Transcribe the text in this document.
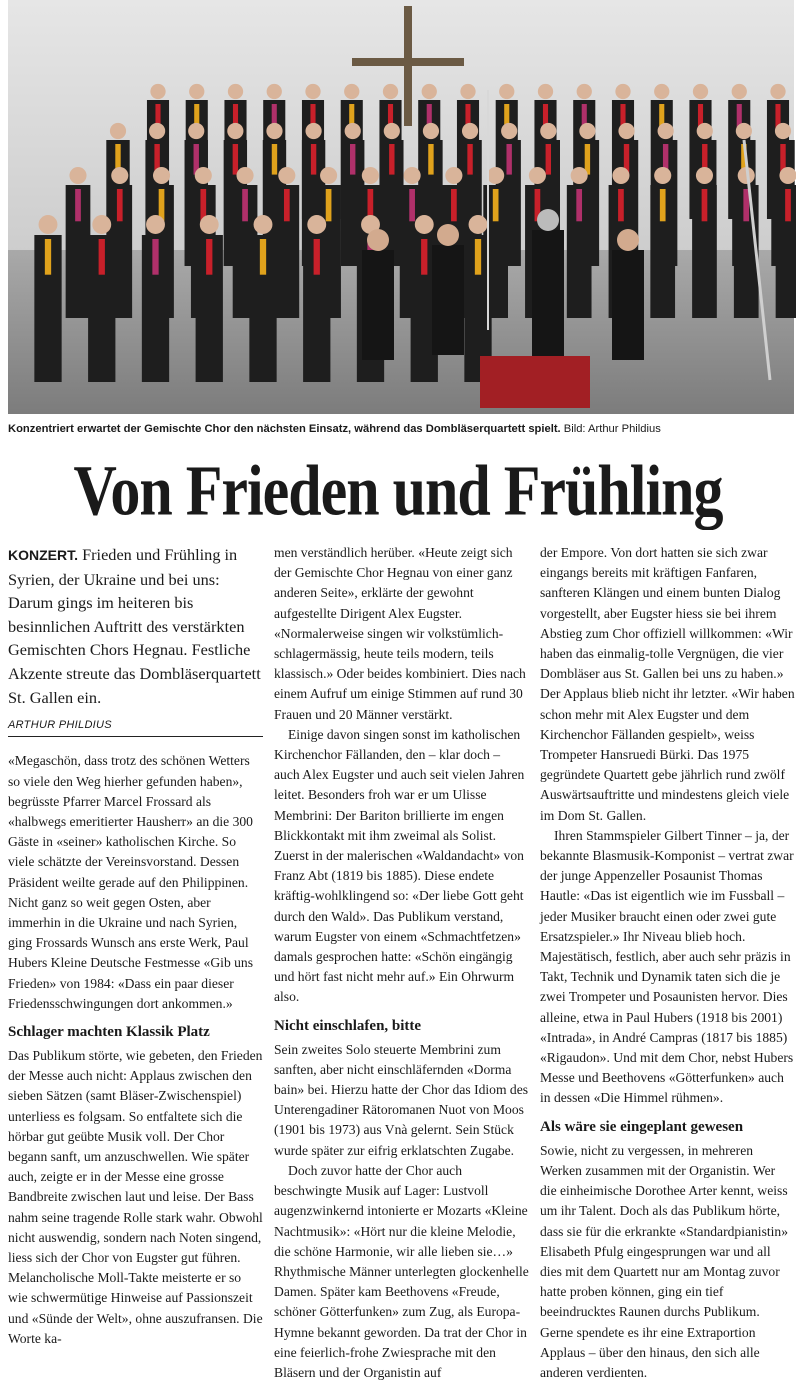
Konzentriert erwartet der Gemischte Chor den nächsten Einsatz, während das Dombläserquartett spielt. Bild: Arthur Phildius
Von Frieden und Frühling

KONZERT. Frieden und Frühling in Syrien, der Ukraine und bei uns: Darum gings im heiteren bis besinnlichen Auftritt des verstärkten Gemischten Chors Hegnau. Festliche Akzente streute das Dombläserquartett St. Gallen ein.

ARTHUR PHILDIUS

«Megaschön, dass trotz des schönen Wetters so viele den Weg hierher gefunden haben», begrüsste Pfarrer Marcel Frossard als «halbwegs emeritierter Hausherr» an die 300 Gäste in «seiner» katholischen Kirche. So viele schätzte der Vereinsvorstand. Dessen Präsident weilte gerade auf den Philippinen. Nicht ganz so weit gegen Osten, aber immerhin in die Ukraine und nach Syrien, ging Frossards Wunsch ans erste Werk, Paul Hubers Kleine Deutsche Festmesse «Gib uns Frieden» von 1984: «Dass ein paar dieser Friedensschwingungen dort ankommen.»

Schlager machten Klassik Platz

Das Publikum störte, wie gebeten, den Frieden der Messe auch nicht: Applaus zwischen den sieben Sätzen (samt Bläser-Zwischenspiel) unterliess es folgsam. So entfaltete sich die hörbar gut geübte Musik voll. Der Chor begann sanft, um anzuschwellen. Wie später auch, zeigte er in der Messe eine grosse Bandbreite zwischen laut und leise. Der Bass nahm seine tragende Rolle stark wahr. Obwohl nicht auswendig, sondern nach Noten singend, liess sich der Chor von Eugster gut führen. Melancholische Moll-Takte meisterte er so wie schwermütige Hinweise auf Passionszeit und «Sünde der Welt», ohne auszufransen. Die Worte ka-

men verständlich herüber. «Heute zeigt sich der Gemischte Chor Hegnau von einer ganz anderen Seite», erklärte der gewohnt aufgestellte Dirigent Alex Eugster. «Normalerweise singen wir volkstümlich-schlagermässig, heute teils modern, teils klassisch.» Oder beides kombiniert. Dies nach einem Aufruf um einige Stimmen auf rund 30 Frauen und 20 Männer verstärkt.

Einige davon singen sonst im katholischen Kirchenchor Fällanden, den – klar doch – auch Alex Eugster und auch seit vielen Jahren leitet. Besonders froh war er um Ulisse Membrini: Der Bariton brillierte im engen Blickkontakt mit ihm zweimal als Solist. Zuerst in der malerischen «Waldandacht» von Franz Abt (1819 bis 1885). Diese endete kräftig-wohlklingend so: «Der liebe Gott geht durch den Wald». Das Publikum verstand, warum Eugster von einem «Schmachtfetzen» damals gesprochen hatte: «Schön eingängig und hört fast nicht mehr auf.» Ein Ohrwurm also.

Nicht einschlafen, bitte

Sein zweites Solo steuerte Membrini zum sanften, aber nicht einschläfernden «Dorma bain» bei. Hierzu hatte der Chor das Idiom des Unterengadiner Rätoromanen Nuot von Moos (1901 bis 1973) aus Vnà gelernt. Sein Stück wurde später zur eifrig erklatschten Zugabe.

Doch zuvor hatte der Chor auch beschwingte Musik auf Lager: Lustvoll augenzwinkernd intonierte er Mozarts «Kleine Nachtmusik»: «Hört nur die kleine Melodie, die schöne Harmonie, wir alle lieben sie…» Rhythmische Männer unterlegten glockenhelle Damen. Später kam Beethovens «Freude, schöner Götterfunken» zum Zug, als Europa-Hymne bekannt geworden. Da trat der Chor in eine feierlich-frohe Zwiesprache mit den Bläsern und der Organistin auf

der Empore. Von dort hatten sie sich zwar eingangs bereits mit kräftigen Fanfaren, sanfteren Klängen und einem bunten Dialog vorgestellt, aber Eugster hiess sie bei ihrem Abstieg zum Chor offiziell willkommen: «Wir haben das einmalig-tolle Vergnügen, die vier Dombläser aus St. Gallen bei uns zu haben.» Der Applaus blieb nicht ihr letzter. «Wir haben schon mehr mit Alex Eugster und dem Kirchenchor Fällanden gespielt», weiss Trompeter Hansruedi Bürki. Das 1975 gegründete Quartett gebe jährlich rund zwölf Auswärtsauftritte und mindestens gleich viele im Dom St. Gallen.

Ihren Stammspieler Gilbert Tinner – ja, der bekannte Blasmusik-Komponist – vertrat zwar der junge Appenzeller Posaunist Thomas Hautle: «Das ist eigentlich wie im Fussball – jeder Musiker braucht einen oder zwei gute Ersatzspieler.» Ihr Niveau blieb hoch. Majestätisch, festlich, aber auch sehr präzis in Takt, Technik und Dynamik taten sich die je zwei Trompeter und Posaunisten hervor. Dies alleine, etwa in Paul Hubers (1918 bis 2001) «Intrada», in André Campras (1817 bis 1885) «Rigaudon». Und mit dem Chor, nebst Hubers Messe und Beethovens «Götterfunken» auch in dessen «Die Himmel rühmen».

Als wäre sie eingeplant gewesen

Sowie, nicht zu vergessen, in mehreren Werken zusammen mit der Organistin. Wer die einheimische Dorothee Arter kennt, weiss um ihr Talent. Doch als das Publikum hörte, dass sie für die erkrankte «Standardpianistin» Elisabeth Pfulg eingesprungen war und all dies mit dem Quartett nur am Montag zuvor hatte proben können, ging ein tief beeindrucktes Raunen durchs Publikum. Gerne spendete es ihr eine Extraportion Applaus – über den hinaus, den sich alle anderen verdienten.
